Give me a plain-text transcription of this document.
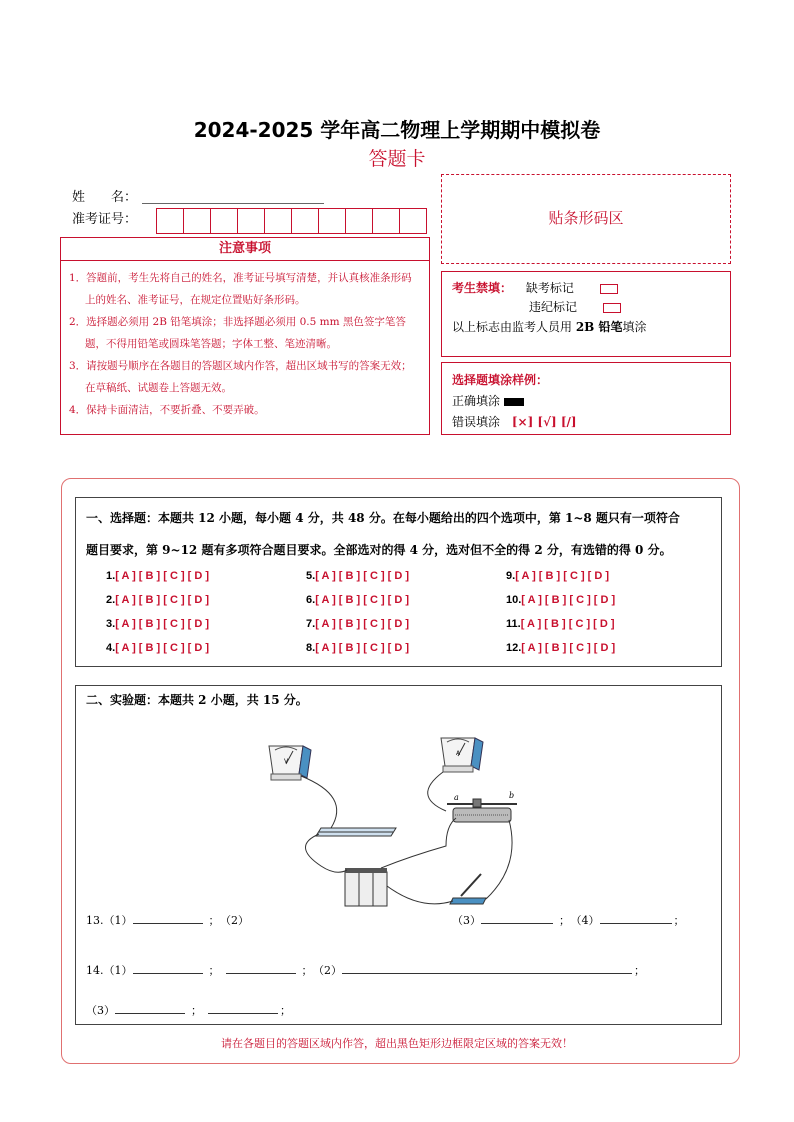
2024-2025 学年高二物理上学期期中模拟卷
答题卡
姓　　名：
准考证号：	贴条形码区
注意事项
1．答题前，考生先将自己的姓名，准考证号填写清楚，并认真核准条形码上的姓名、准考证号，在规定位置贴好条形码。
2．选择题必须用 2B 铅笔填涂；非选择题必须用 0.5 mm 黑色签字笔答题，不得用铅笔或圆珠笔答题；字体工整、笔迹清晰。
3．请按题号顺序在各题目的答题区域内作答，超出区域书写的答案无效；在草稿纸、试题卷上答题无效。
4．保持卡面清洁，不要折叠、不要弄破。
考生禁填： 缺考标记
违纪标记
以上标志由监考人员用 2B 铅笔填涂
选择题填涂样例：
正确填涂
错误填涂 [×] [√] [/]
一、选择题：本题共 12 小题，每小题 4 分，共 48 分。在每小题给出的四个选项中，第 1~8 题只有一项符合
题目要求，第 9~12 题有多项符合题目要求。全部选对的得 4 分，选对但不全的得 2 分，有选错的得 0 分。
1.[ A ] [ B ] [ C ] [ D ]
2.[ A ] [ B ] [ C ] [ D ]
3.[ A ] [ B ] [ C ] [ D ]
4.[ A ] [ B ] [ C ] [ D ]
5.[ A ] [ B ] [ C ] [ D ]
6.[ A ] [ B ] [ C ] [ D ]
7.[ A ] [ B ] [ C ] [ D ]
8.[ A ] [ B ] [ C ] [ D ]
9.[ A ] [ B ] [ C ] [ D ]
10.[ A ] [ B ] [ C ] [ D ]
11.[ A ] [ B ] [ C ] [ D ]
12.[ A ] [ B ] [ C ] [ D ]
二、实验题：本题共 2 小题，共 15 分。
V
A
a	b
13.（1）	； （2）	（3）	； （4）	；
14.（1）	；	； （2）	；
（3）	；	；
请在各题目的答题区域内作答，超出黑色矩形边框限定区域的答案无效！
